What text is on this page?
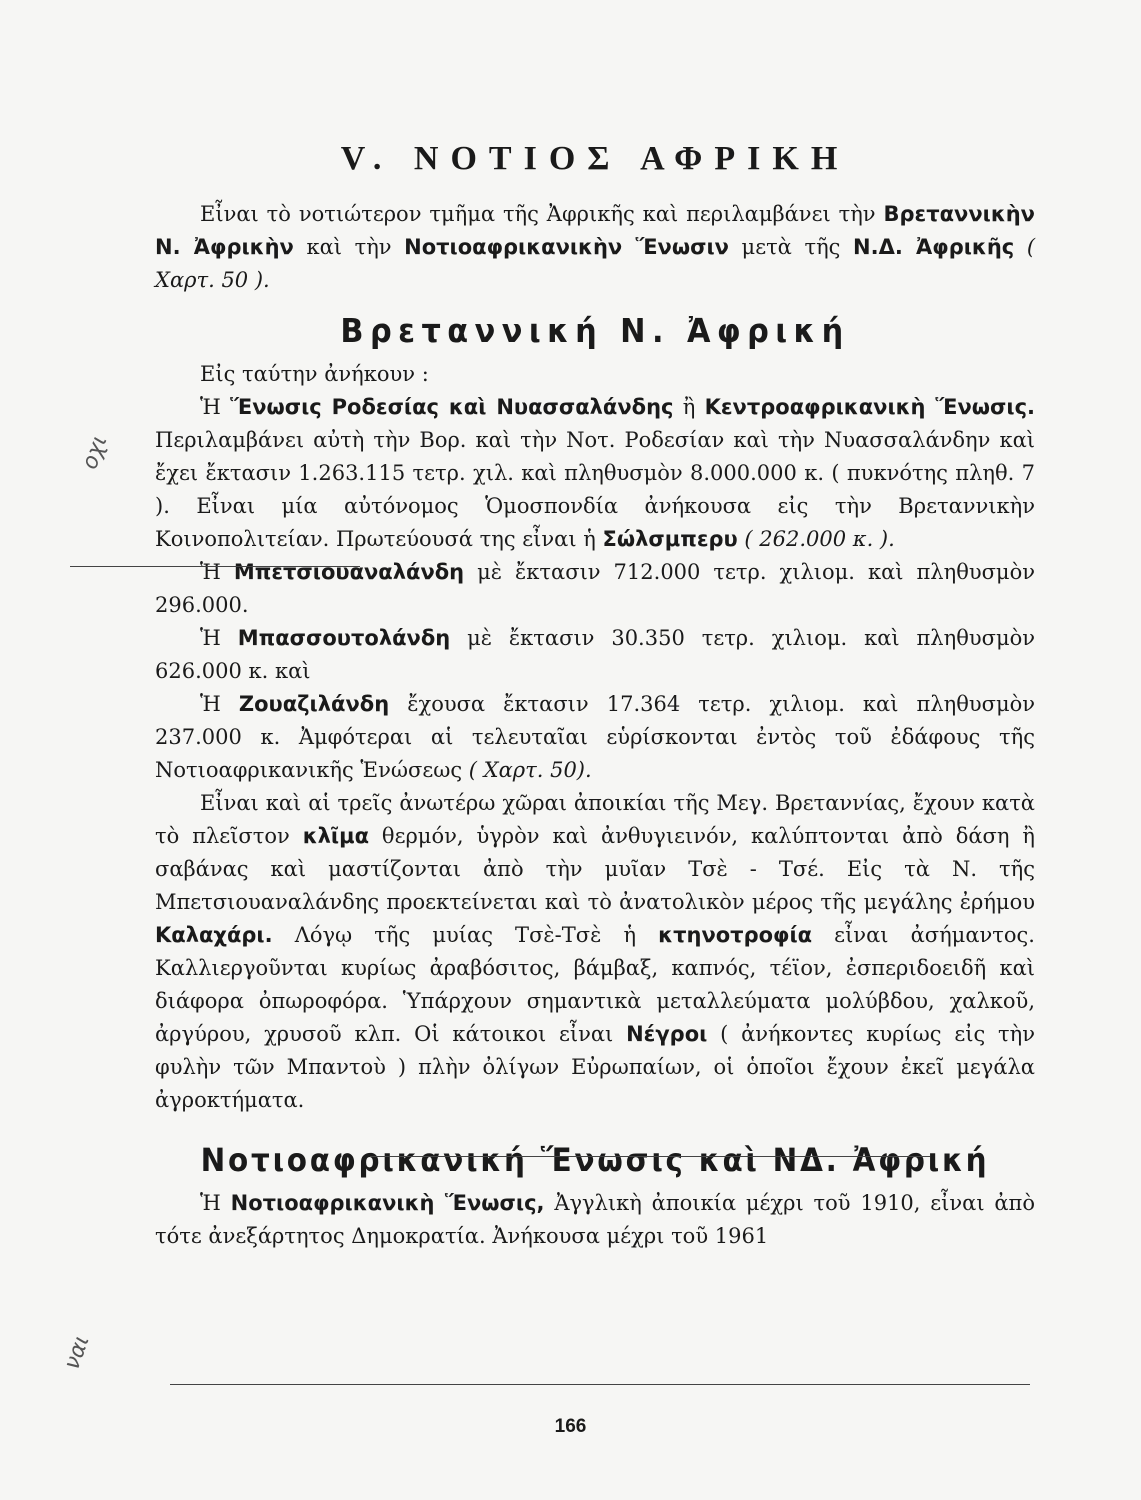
V. ΝΟΤΙΟΣ ΑΦΡΙΚΗ

Εἶναι τὸ νοτιώτερον τμῆμα τῆς Ἀφρικῆς καὶ περιλαμβάνει τὴν Βρεταννικὴν Ν. Ἀφρικὴν καὶ τὴν Νοτιοαφρικανικὴν Ἕνωσιν μετὰ τῆς Ν.Δ. Ἀφρικῆς ( Χαρτ. 50 ).

Βρεταννική Ν. Ἀφρική

Εἰς ταύτην ἀνήκουν :

Ἡ Ἕνωσις Ροδεσίας καὶ Νυασσαλάνδης ἢ Κεντροαφρικανικὴ Ἕνωσις. Περιλαμβάνει αὐτὴ τὴν Βορ. καὶ τὴν Νοτ. Ροδεσίαν καὶ τὴν Νυασσαλάνδην καὶ ἔχει ἔκτασιν 1.263.115 τετρ. χιλ. καὶ πληθυσμὸν 8.000.000 κ. ( πυκνότης πληθ. 7 ). Εἶναι μία αὐτόνομος Ὁμοσπονδία ἀνήκουσα εἰς τὴν Βρεταννικὴν Κοινοπολιτείαν. Πρωτεύουσά της εἶναι ἡ Σώλσμπερυ ( 262.000 κ. ).

Ἡ Μπετσιουαναλάνδη μὲ ἔκτασιν 712.000 τετρ. χιλιομ. καὶ πληθυσμὸν 296.000.

Ἡ Μπασσουτολάνδη μὲ ἔκτασιν 30.350 τετρ. χιλιομ. καὶ πληθυσμὸν 626.000 κ. καὶ

Ἡ Ζουαζιλάνδη ἔχουσα ἔκτασιν 17.364 τετρ. χιλιομ. καὶ πληθυσμὸν 237.000 κ. Ἀμφότεραι αἱ τελευταῖαι εὑρίσκονται ἐντὸς τοῦ ἐδάφους τῆς Νοτιοαφρικανικῆς Ἑνώσεως ( Χαρτ. 50).

Εἶναι καὶ αἱ τρεῖς ἀνωτέρω χῶραι ἀποικίαι τῆς Μεγ. Βρεταννίας, ἔχουν κατὰ τὸ πλεῖστον κλῖμα θερμόν, ὑγρὸν καὶ ἀνθυγιεινόν, καλύπτονται ἀπὸ δάση ἢ σαβάνας καὶ μαστίζονται ἀπὸ τὴν μυῖαν Τσὲ - Τσέ. Εἰς τὰ Ν. τῆς Μπετσιουαναλάνδης προεκτείνεται καὶ τὸ ἀνατολικὸν μέρος τῆς μεγάλης ἐρήμου Καλαχάρι. Λόγῳ τῆς μυίας Τσὲ-Τσὲ ἡ κτηνοτροφία εἶναι ἀσήμαντος. Καλλιεργοῦνται κυρίως ἀραβόσιτος, βάμβαξ, καπνός, τέϊον, ἐσπεριδοειδῆ καὶ διάφορα ὀπωροφόρα. Ὑπάρχουν σημαντικὰ μεταλλεύματα μολύβδου, χαλκοῦ, ἀργύρου, χρυσοῦ κλπ. Οἱ κάτοικοι εἶναι Νέγροι ( ἀνήκοντες κυρίως εἰς τὴν φυλὴν τῶν Μπαντοὺ ) πλὴν ὀλίγων Εὐρωπαίων, οἱ ὁποῖοι ἔχουν ἐκεῖ μεγάλα ἀγροκτήματα.

Νοτιοαφρικανική Ἕνωσις καὶ ΝΔ. Ἀφρική

Ἡ Νοτιοαφρικανικὴ Ἕνωσις, Ἀγγλικὴ ἀποικία μέχρι τοῦ 1910, εἶναι ἀπὸ τότε ἀνεξάρτητος Δημοκρατία. Ἀνήκουσα μέχρι τοῦ 1961

οχι
ναι
166
